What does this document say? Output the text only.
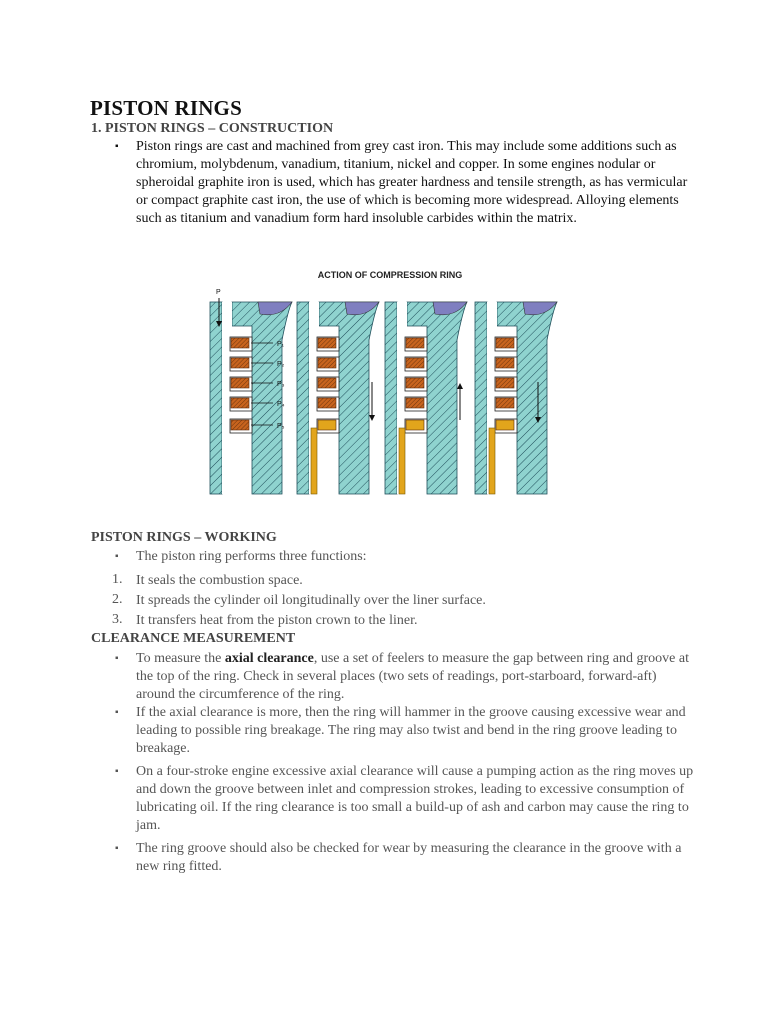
PISTON RINGS
1. PISTON RINGS – CONSTRUCTION
▪ Piston rings are cast and machined from grey cast iron. This may include some additions such as chromium, molybdenum, vanadium, titanium, nickel and copper. In some engines nodular or spheroidal graphite iron is used, which has greater hardness and tensile strength, as has vermicular or compact graphite cast iron, the use of which is becoming more widespread. Alloying elements such as titanium and vanadium form hard insoluble carbides within the matrix.
ACTION OF COMPRESSION RING
P
P₁
P₂
P₃
P₄
P₅
PISTON RINGS – WORKING
▪ The piston ring performs three functions:
1. It seals the combustion space.
2. It spreads the cylinder oil longitudinally over the liner surface.
3. It transfers heat from the piston crown to the liner.
CLEARANCE MEASUREMENT
▪ To measure the axial clearance, use a set of feelers to measure the gap between ring and groove at the top of the ring. Check in several places (two sets of readings, port-starboard, forward-aft) around the circumference of the ring.
▪ If the axial clearance is more, then the ring will hammer in the groove causing excessive wear and leading to possible ring breakage. The ring may also twist and bend in the ring groove leading to breakage.
▪ On a four-stroke engine excessive axial clearance will cause a pumping action as the ring moves up and down the groove between inlet and compression strokes, leading to excessive consumption of lubricating oil. If the ring clearance is too small a build-up of ash and carbon may cause the ring to jam.
▪ The ring groove should also be checked for wear by measuring the clearance in the groove with a new ring fitted.
